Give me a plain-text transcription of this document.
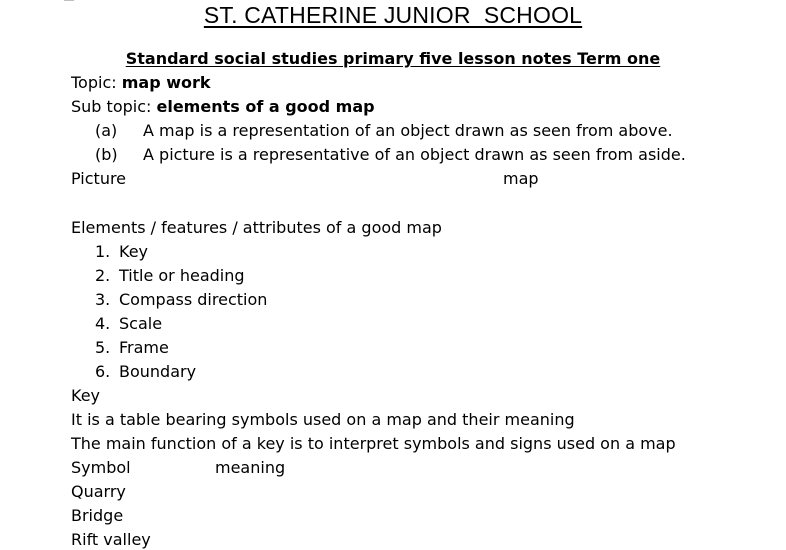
ST. CATHERINE JUNIOR  SCHOOL
Standard social studies primary five lesson notes Term one
Topic: map work
Sub topic: elements of a good map
(a) A map is a representation of an object drawn as seen from above.
(b) A picture is a representative of an object drawn as seen from aside.
Picture	map
Elements / features / attributes of a good map
1. Key
2. Title or heading
3. Compass direction
4. Scale
5. Frame
6. Boundary
Key
It is a table bearing symbols used on a map and their meaning
The main function of a key is to interpret symbols and signs used on a map
Symbol	meaning
Quarry
Bridge
Rift valley
